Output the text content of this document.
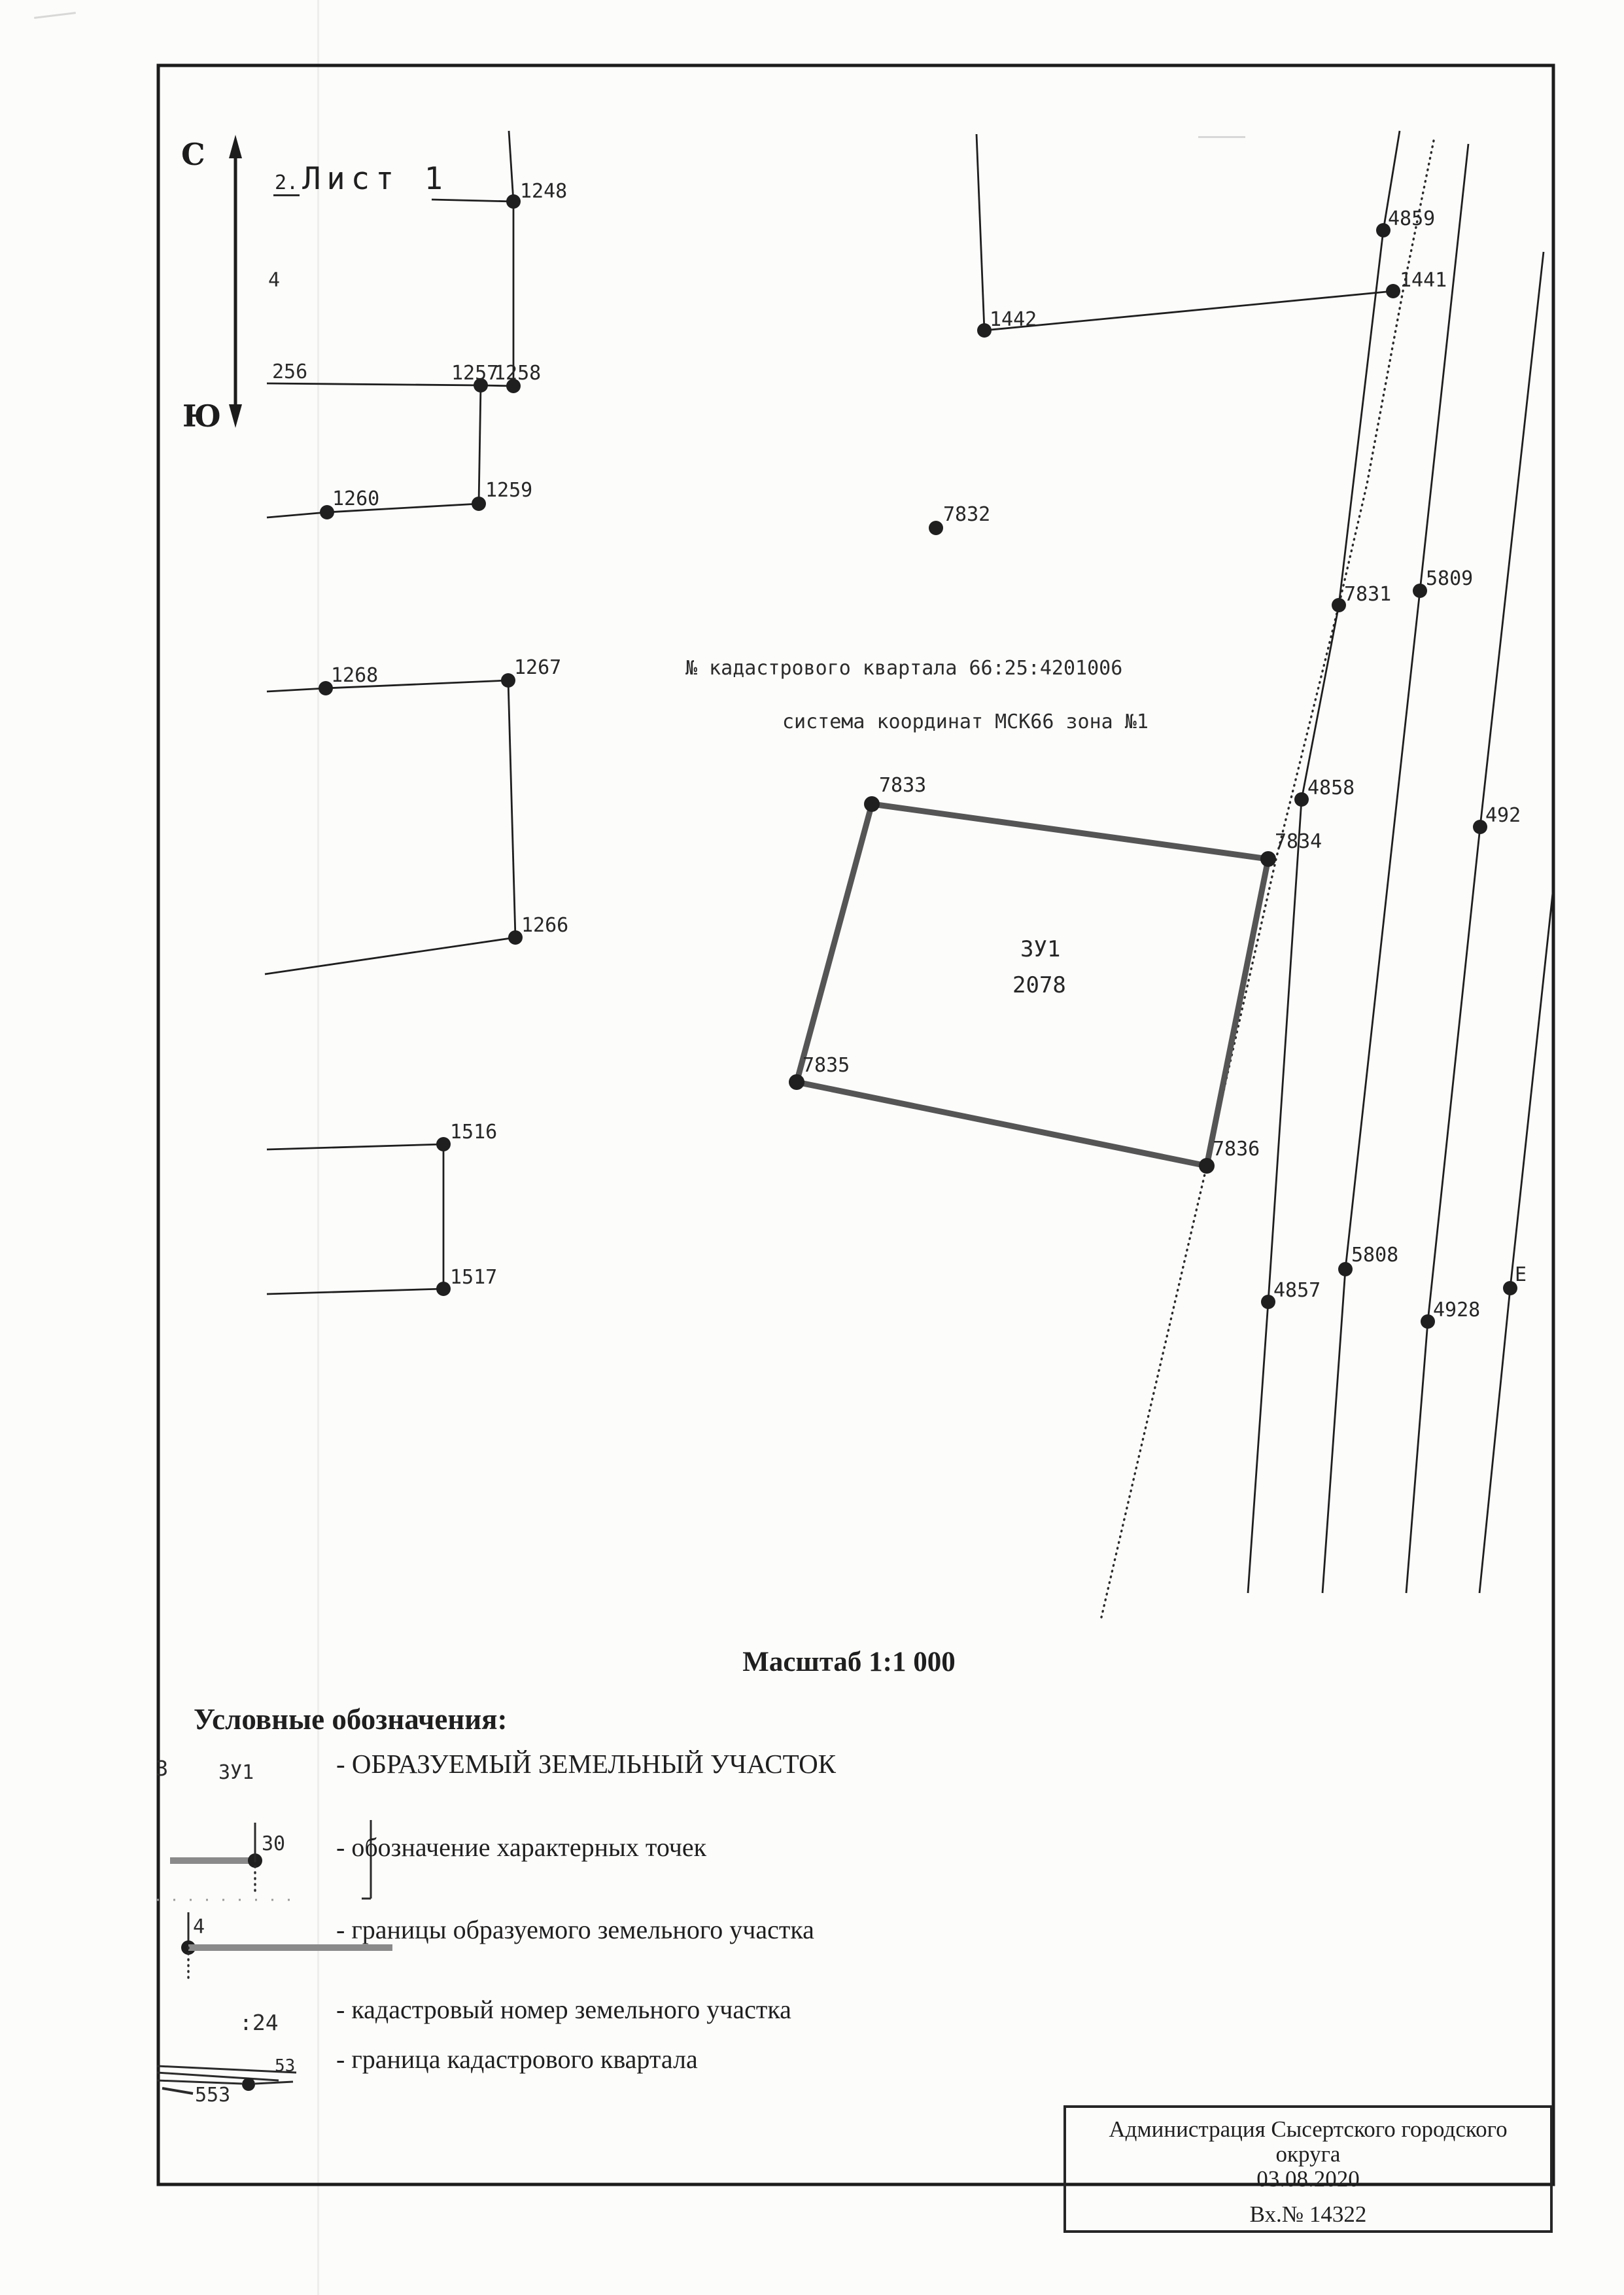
С
Ю
7833
7834
7836
7835
ЗУ1
2078
1248
1257
1258
1259
1260
1268	1267
1266
1516
1517
1442
1441
4859
7832
7831
5809
4858
492
4857
5808
4928
Е
4
256
2. Лист 1
№ кадастрового квартала 66:25:4201006
система координат МСК66 зона №1
Масштаб 1:1 000
Условные обозначения:
3	ЗУ1	- ОБРАЗУЕМЫЙ ЗЕМЕЛЬНЫЙ УЧАСТОК
30 - обозначение характерных точек
4	- границы образуемого земельного участка
:24 - кадастровый номер земельного участка
53
553
- граница кадастрового квартала
Администрация Сысертского городского
округа
03.08.2020
Вх.№ 14322
